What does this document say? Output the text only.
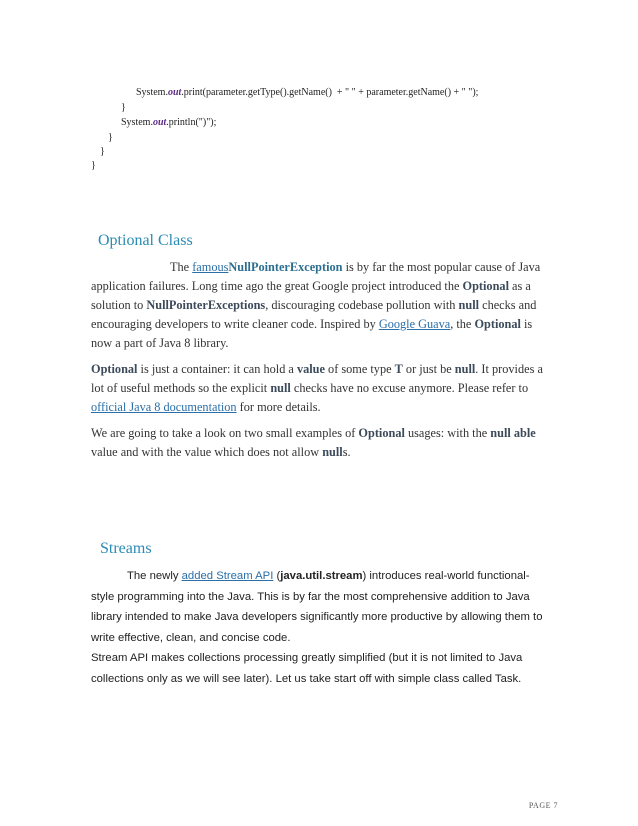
System.out.print(parameter.getType().getName()  + " " + parameter.getName() + " ");
}
System.out.println(")");
}
}
}
Optional Class

The famousNullPointerException is by far the most popular cause of Java application failures. Long time ago the great Google project introduced the Optional as a solution to NullPointerExceptions, discouraging codebase pollution with null checks and encouraging developers to write cleaner code. Inspired by Google Guava, the Optional is now a part of Java 8 library.

Optional is just a container: it can hold a value of some type T or just be null. It provides a lot of useful methods so the explicit null checks have no excuse anymore. Please refer to official Java 8 documentation for more details.

We are going to take a look on two small examples of Optional usages: with the null able value and with the value which does not allow nulls.

Streams

The newly added Stream API (java.util.stream) introduces real-world functional-style programming into the Java. This is by far the most comprehensive addition to Java library intended to make Java developers significantly more productive by allowing them to write effective, clean, and concise code.

Stream API makes collections processing greatly simplified (but it is not limited to Java collections only as we will see later). Let us take start off with simple class called Task.

PAGE 7
